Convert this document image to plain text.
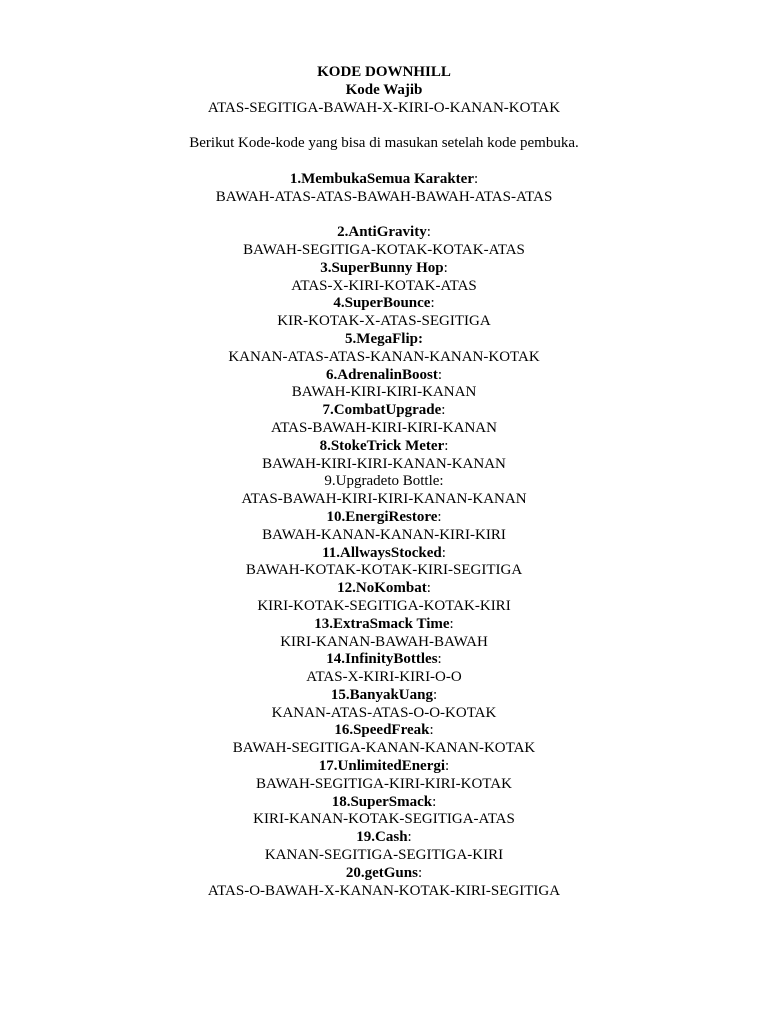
KODE DOWNHILL
Kode Wajib
ATAS-SEGITIGA-BAWAH-X-KIRI-O-KANAN-KOTAK
Berikut Kode-kode yang bisa di masukan setelah kode pembuka.
1.MembukaSemua Karakter:
BAWAH-ATAS-ATAS-BAWAH-BAWAH-ATAS-ATAS
2.AntiGravity:
BAWAH-SEGITIGA-KOTAK-KOTAK-ATAS
3.SuperBunny Hop:
ATAS-X-KIRI-KOTAK-ATAS
4.SuperBounce:
KIR-KOTAK-X-ATAS-SEGITIGA
5.MegaFlip:
KANAN-ATAS-ATAS-KANAN-KANAN-KOTAK
6.AdrenalinBoost:
BAWAH-KIRI-KIRI-KANAN
7.CombatUpgrade:
ATAS-BAWAH-KIRI-KIRI-KANAN
8.StokeTrick Meter:
BAWAH-KIRI-KIRI-KANAN-KANAN
9.Upgradeto Bottle:
ATAS-BAWAH-KIRI-KIRI-KANAN-KANAN
10.EnergiRestore:
BAWAH-KANAN-KANAN-KIRI-KIRI
11.AllwaysStocked:
BAWAH-KOTAK-KOTAK-KIRI-SEGITIGA
12.NoKombat:
KIRI-KOTAK-SEGITIGA-KOTAK-KIRI
13.ExtraSmack Time:
KIRI-KANAN-BAWAH-BAWAH
14.InfinityBottles:
ATAS-X-KIRI-KIRI-O-O
15.BanyakUang:
KANAN-ATAS-ATAS-O-O-KOTAK
16.SpeedFreak:
BAWAH-SEGITIGA-KANAN-KANAN-KOTAK
17.UnlimitedEnergi:
BAWAH-SEGITIGA-KIRI-KIRI-KOTAK
18.SuperSmack:
KIRI-KANAN-KOTAK-SEGITIGA-ATAS
19.Cash:
KANAN-SEGITIGA-SEGITIGA-KIRI
20.getGuns:
ATAS-O-BAWAH-X-KANAN-KOTAK-KIRI-SEGITIGA
